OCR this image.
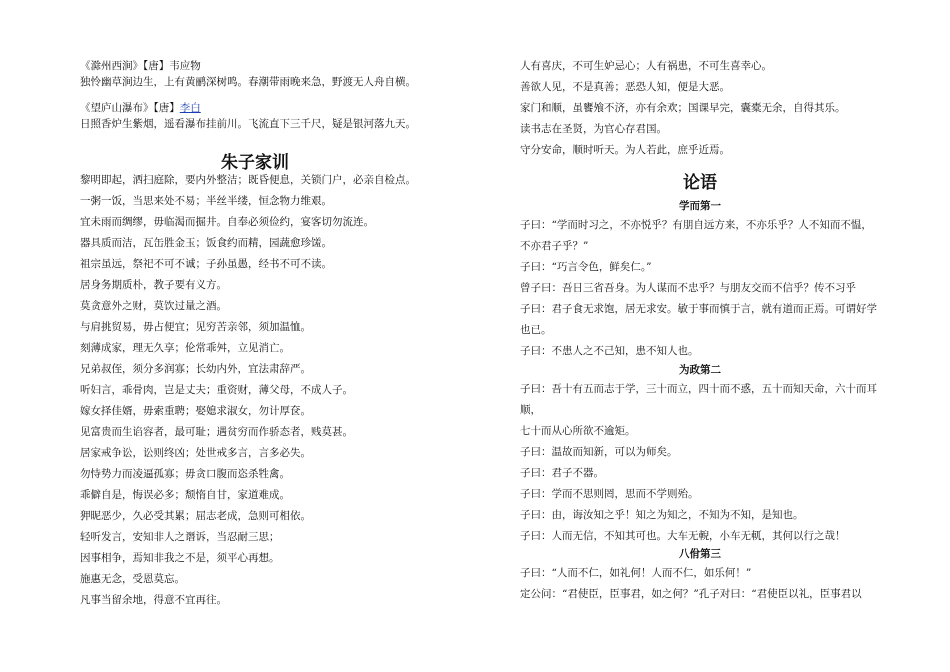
《滁州西涧》【唐】韦应物
独怜幽草涧边生，上有黄鹂深树鸣。春潮带雨晚来急，野渡无人舟自横。
《望庐山瀑布》【唐】李白
日照香炉生紫烟，遥看瀑布挂前川。飞流直下三千尺，疑是银河落九天。
朱子家训
黎明即起，洒扫庭除，要内外整洁；既昏便息，关锁门户，必亲自检点。
一粥一饭，当思来处不易；半丝半缕，恒念物力维艰。
宜未雨而绸缪，毋临渴而掘井。自奉必须俭约，宴客切勿流连。
器具质而洁，瓦缶胜金玉；饭食约而精，园蔬愈珍馐。
祖宗虽远，祭祀不可不诚；子孙虽愚，经书不可不读。
居身务期质朴，教子要有义方。
莫贪意外之财，莫饮过量之酒。
与肩挑贸易，毋占便宜；见穷苦亲邻，须加温恤。
刻薄成家，理无久享；伦常乖舛，立见消亡。
兄弟叔侄，须分多润寡；长幼内外，宜法肃辞严。
听妇言，乖骨肉，岂是丈夫；重资财，薄父母，不成人子。
嫁女择佳婿，毋索重聘；娶媳求淑女，勿计厚奁。
见富贵而生谄容者，最可耻；遇贫穷而作骄态者，贱莫甚。
居家戒争讼，讼则终凶；处世戒多言，言多必失。
勿恃势力而凌逼孤寡；毋贪口腹而恣杀牲禽。
乖僻自是，悔误必多；颓惰自甘，家道难成。
狎昵恶少，久必受其累；屈志老成，急则可相依。
轻听发言，安知非人之谮诉，当忍耐三思；
因事相争，焉知非我之不是，须平心再想。
施惠无念，受恩莫忘。
凡事当留余地，得意不宜再往。
人有喜庆，不可生妒忌心；人有祸患，不可生喜幸心。
善欲人见，不是真善；恶恐人知，便是大恶。
家门和顺，虽饔飧不济，亦有余欢；国课早完，囊橐无余，自得其乐。
读书志在圣贤，为官心存君国。
守分安命，顺时听天。为人若此，庶乎近焉。
论语
学而第一
子曰：“学而时习之，不亦悦乎？有朋自远方来，不亦乐乎？人不知而不愠，
不亦君子乎？”
子曰：“巧言令色，鲜矣仁。”
曾子曰：吾日三省吾身。为人谋而不忠乎？与朋友交而不信乎？传不习乎
子曰：君子食无求饱，居无求安。敏于事而慎于言，就有道而正焉。可谓好学
也已。
子曰：不患人之不己知，患不知人也。
为政第二
子曰：吾十有五而志于学，三十而立，四十而不惑，五十而知天命，六十而耳
顺，
七十而从心所欲不逾矩。
子曰：温故而知新，可以为师矣。
子曰：君子不器。
子曰：学而不思则罔，思而不学则殆。
子曰：由，诲汝知之乎！知之为知之，不知为不知，是知也。
子曰：人而无信，不知其可也。大车无輗，小车无軏，其何以行之哉！
八佾第三
子曰：“人而不仁，如礼何！人而不仁，如乐何！”
定公问：“君使臣，臣事君，如之何？”孔子对曰：“君使臣以礼，臣事君以
